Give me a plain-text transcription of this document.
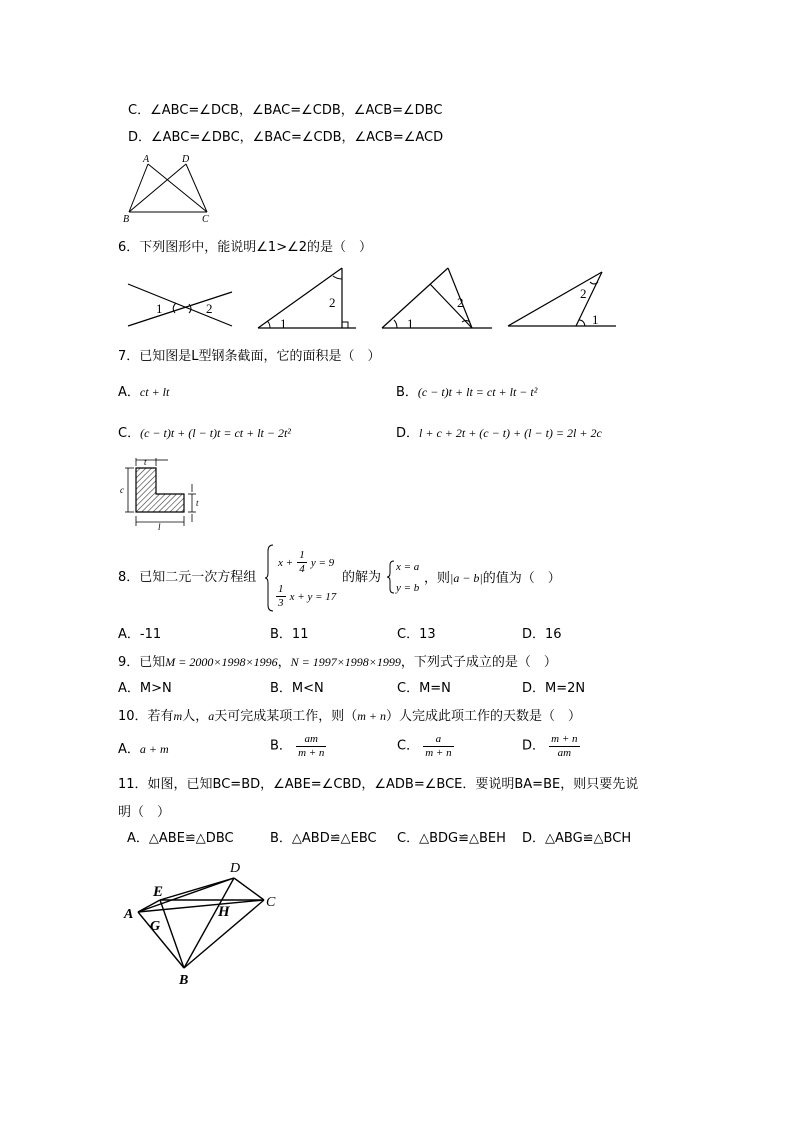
C．∠ABC=∠DCB，∠BAC=∠CDB，∠ACB=∠DBC
D．∠ABC=∠DBC，∠BAC=∠CDB，∠ACB=∠ACD
A	D
B	C
6．下列图形中，能说明∠1>∠2的是（　）
1	2
1
2
1
2
1
2
7．已知图是L型钢条截面，它的面积是（　）
A．ct + lt	B．(c − t)t + lt = ct + lt − t²
C．(c − t)t + (l − t)t = ct + lt − 2t²	D．l + c + 2t + (c − t) + (l − t) = 2l + 2c
t
c
t
l
8．已知二元一次方程组
$x + \frac{1}{4}$ y = 9
$\frac{1}{3}$ x + y = 17
的解为
x = a
y = b
，则|a − b|的值为（　）
A．-11	B．11	C．13	D．16
9．已知M = 2000×1998×1996，N = 1997×1998×1999，下列式子成立的是（　）
A．M>N	B．M<N	C．M=N	D．M=2N
10．若有m人，a天可完成某项工作，则（m + n）人完成此项工作的天数是（　）
A．a + m	B． $\frac{am}{m + n}$	C． $\frac{a}{m + n}$	D． $\frac{m + n}{am}$
11．如图，已知BC=BD，∠ABE=∠CBD，∠ADB=∠BCE．要说明BA=BE，则只要先说
明（　）
A．△ABE≌△DBC	B．△ABD≌△EBC C．△BDG≌△BEH D．△ABG≌△BCH
A
E
G
D
H
C
B
